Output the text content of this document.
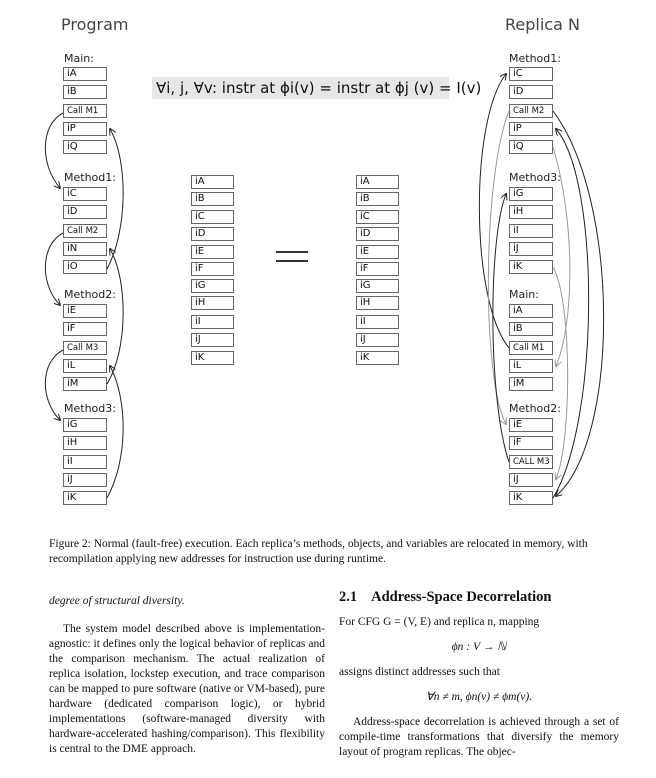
Program	Replica N
∀i, j, ∀v: instr at ϕi(v) = instr at ϕj (v) = I(v)
Main:
iA
iB
Call M1
iP
iQ
Method1:
iC
iD
Call M2
iN
iO
Method2:
iE
iF
Call M3
iL
iM
Method3:
iG
iH
iI
iJ
iK
iA
iB
iC
iD
iE
iF
iG
iH
iI
iJ
iK
iA
iB
iC
iD
iE
iF
iG
iH
iI
iJ
iK
Method1:
iC
iD
Call M2
iP
iQ
Method3:
iG
iH
iI
iJ
iK
Main:
iA
iB
Call M1
iL
iM
Method2:
iE
iF
CALL M3
iJ
iK
Figure 2: Normal (fault-free) execution. Each replica’s methods, objects, and variables are relocated in memory, with recompilation applying new addresses for instruction use during runtime.

degree of structural diversity.

The system model described above is implementation-agnostic: it defines only the logical behavior of replicas and the comparison mechanism. The actual realization of replica isolation, lockstep execution, and trace comparison can be mapped to pure software (native or VM-based), pure hardware (dedicated comparison logic), or hybrid implementations (software-managed diversity with hardware-accelerated hashing/comparison). This flexibility is central to the DME approach.

2.1 Address-Space Decorrelation

For CFG G = (V, E) and replica n, mapping

ϕn : V → ℕ

assigns distinct addresses such that

∀n ≠ m, ϕn(v) ≠ ϕm(v).

Address-space decorrelation is achieved through a set of compile-time transformations that diversify the memory layout of program replicas. The objec-
